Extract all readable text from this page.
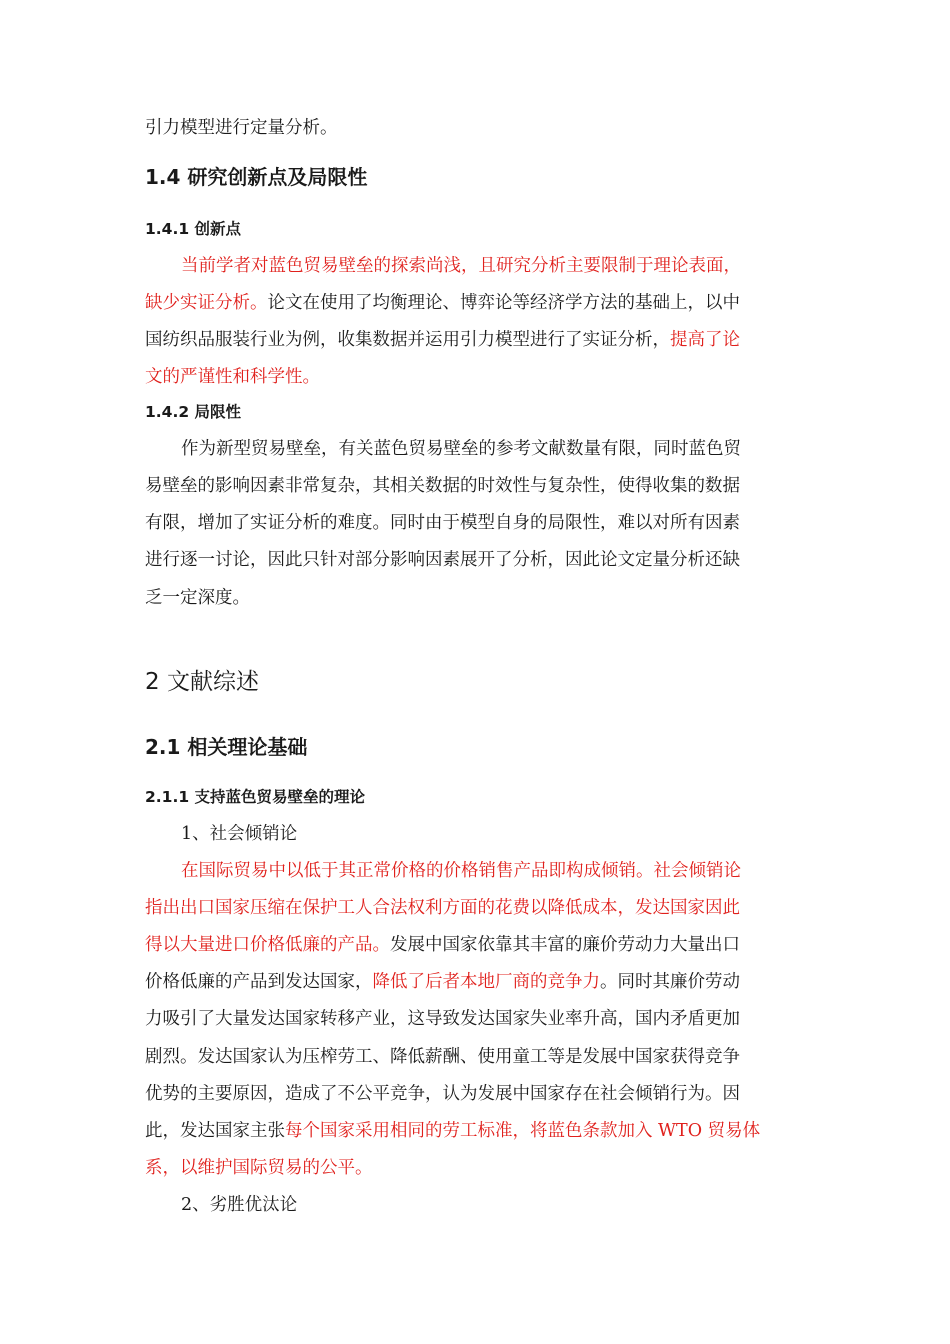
引力模型进行定量分析。
1.4 研究创新点及局限性
1.4.1 创新点
当前学者对蓝色贸易壁垒的探索尚浅，且研究分析主要限制于理论表面，
缺少实证分析。论文在使用了均衡理论、博弈论等经济学方法的基础上，以中
国纺织品服装行业为例，收集数据并运用引力模型进行了实证分析，提高了论
文的严谨性和科学性。
1.4.2 局限性
作为新型贸易壁垒，有关蓝色贸易壁垒的参考文献数量有限，同时蓝色贸
易壁垒的影响因素非常复杂，其相关数据的时效性与复杂性，使得收集的数据
有限，增加了实证分析的难度。同时由于模型自身的局限性，难以对所有因素
进行逐一讨论，因此只针对部分影响因素展开了分析，因此论文定量分析还缺
乏一定深度。
2 文献综述
2.1 相关理论基础
2.1.1 支持蓝色贸易壁垒的理论
1、社会倾销论
在国际贸易中以低于其正常价格的价格销售产品即构成倾销。社会倾销论
指出出口国家压缩在保护工人合法权利方面的花费以降低成本，发达国家因此
得以大量进口价格低廉的产品。发展中国家依靠其丰富的廉价劳动力大量出口
价格低廉的产品到发达国家，降低了后者本地厂商的竞争力。同时其廉价劳动
力吸引了大量发达国家转移产业，这导致发达国家失业率升高，国内矛盾更加
剧烈。发达国家认为压榨劳工、降低薪酬、使用童工等是发展中国家获得竞争
优势的主要原因，造成了不公平竞争，认为发展中国家存在社会倾销行为。因
此，发达国家主张每个国家采用相同的劳工标准，将蓝色条款加入 WTO 贸易体
系，以维护国际贸易的公平。
2、劣胜优汰论
